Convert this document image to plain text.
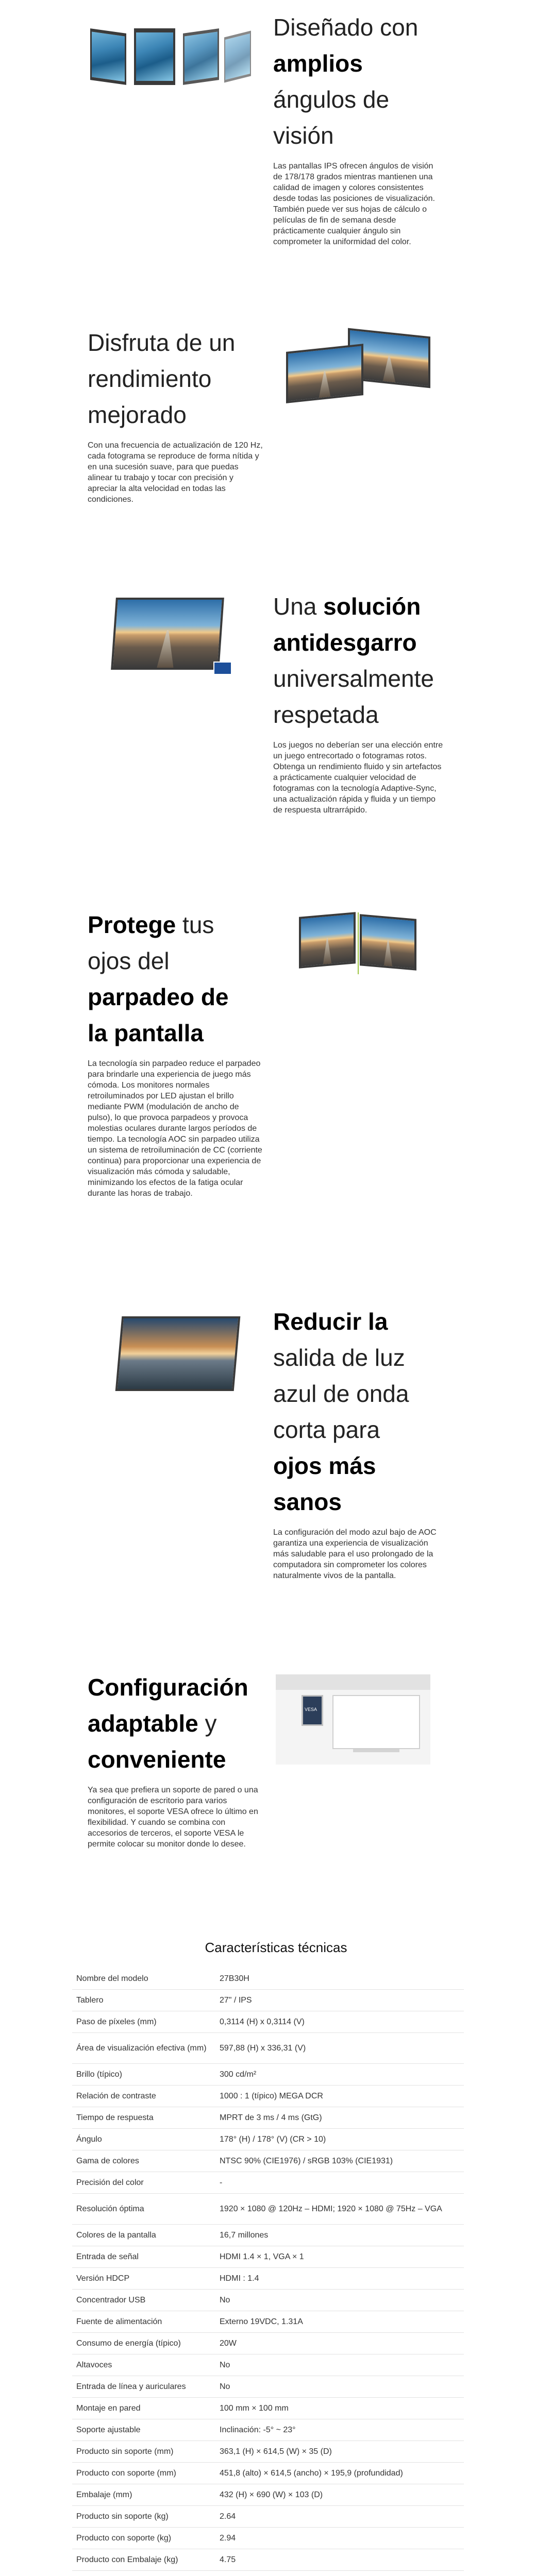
Diseñado con
amplios
ángulos de
visión

Las pantallas IPS ofrecen ángulos de visión de 178/178 grados mientras mantienen una calidad de imagen y colores consistentes desde todas las posiciones de visualización. También puede ver sus hojas de cálculo o películas de fin de semana desde prácticamente cualquier ángulo sin comprometer la uniformidad del color.

Disfruta de un
rendimiento
mejorado

Con una frecuencia de actualización de 120 Hz, cada fotograma se reproduce de forma nítida y en una sucesión suave, para que puedas alinear tu trabajo y tocar con precisión y apreciar la alta velocidad en todas las condiciones.

Una solución
antidesgarro
universalmente
respetada

Los juegos no deberían ser una elección entre un juego entrecortado o fotogramas rotos. Obtenga un rendimiento fluido y sin artefactos a prácticamente cualquier velocidad de fotogramas con la tecnología Adaptive-Sync, una actualización rápida y fluida y un tiempo de respuesta ultrarrápido.

Protege tus
ojos del
parpadeo de
la pantalla

La tecnología sin parpadeo reduce el parpadeo para brindarle una experiencia de juego más cómoda. Los monitores normales retroiluminados por LED ajustan el brillo mediante PWM (modulación de ancho de pulso), lo que provoca parpadeos y provoca molestias oculares durante largos períodos de tiempo. La tecnología AOC sin parpadeo utiliza un sistema de retroiluminación de CC (corriente continua) para proporcionar una experiencia de visualización más cómoda y saludable, minimizando los efectos de la fatiga ocular durante las horas de trabajo.

Reducir la
salida de luz
azul de onda
corta para
ojos más
sanos

La configuración del modo azul bajo de AOC garantiza una experiencia de visualización más saludable para el uso prolongado de la computadora sin comprometer los colores naturalmente vivos de la pantalla.

Configuración
adaptable y
conveniente

Ya sea que prefiera un soporte de pared o una configuración de escritorio para varios monitores, el soporte VESA ofrece lo último en flexibilidad. Y cuando se combina con accesorios de terceros, el soporte VESA le permite colocar su monitor donde lo desee.

VESA
Características técnicas
Nombre del modelo	27B30H
Tablero	27" / IPS
Paso de píxeles (mm)	0,3114 (H) x 0,3114 (V)
Área de visualización efectiva (mm)	597,88 (H) x 336,31 (V)
Brillo (típico)	300 cd/m²
Relación de contraste	1000 : 1 (típico) MEGA DCR
Tiempo de respuesta	MPRT de 3 ms / 4 ms (GtG)
Ángulo	178° (H) / 178° (V) (CR > 10)
Gama de colores	NTSC 90% (CIE1976) / sRGB 103% (CIE1931)
Precisión del color	-
Resolución óptima	1920 × 1080 @ 120Hz – HDMI; 1920 × 1080 @ 75Hz – VGA
Colores de la pantalla	16,7 millones
Entrada de señal	HDMI 1.4 × 1, VGA × 1
Versión HDCP	HDMI : 1.4
Concentrador USB	No
Fuente de alimentación	Externo 19VDC, 1.31A
Consumo de energía (típico)	20W
Altavoces	No
Entrada de línea y auriculares	No
Montaje en pared	100 mm × 100 mm
Soporte ajustable	Inclinación: -5° ~ 23°
Producto sin soporte (mm)	363,1 (H) × 614,5 (W) × 35 (D)
Producto con soporte (mm)	451,8 (alto) × 614,5 (ancho) × 195,9 (profundidad)
Embalaje (mm)	432 (H) × 690 (W) × 103 (D)
Producto sin soporte (kg)	2.64
Producto con soporte (kg)	2.94
Producto con Embalaje (kg)	4.75
